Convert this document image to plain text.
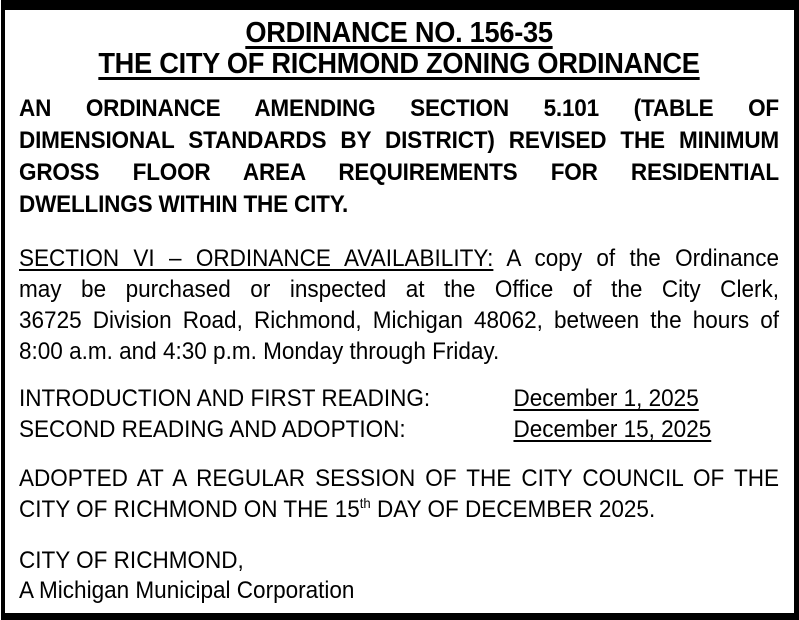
ORDINANCE NO. 156-35
THE CITY OF RICHMOND ZONING ORDINANCE
AN ORDINANCE AMENDING SECTION 5.101 (TABLE OF
DIMENSIONAL STANDARDS BY DISTRICT) REVISED THE MINIMUM
GROSS FLOOR AREA REQUIREMENTS FOR RESIDENTIAL
DWELLINGS WITHIN THE CITY.
SECTION VI – ORDINANCE AVAILABILITY: A copy of the Ordinance
may be purchased or inspected at the Office of the City Clerk,
36725 Division Road, Richmond, Michigan 48062, between the hours of
8:00 a.m. and 4:30 p.m. Monday through Friday.
INTRODUCTION AND FIRST READING:	December 1, 2025
SECOND READING AND ADOPTION:	December 15, 2025
ADOPTED AT A REGULAR SESSION OF THE CITY COUNCIL OF THE
CITY OF RICHMOND ON THE 15th DAY OF DECEMBER 2025.
CITY OF RICHMOND,
A Michigan Municipal Corporation
